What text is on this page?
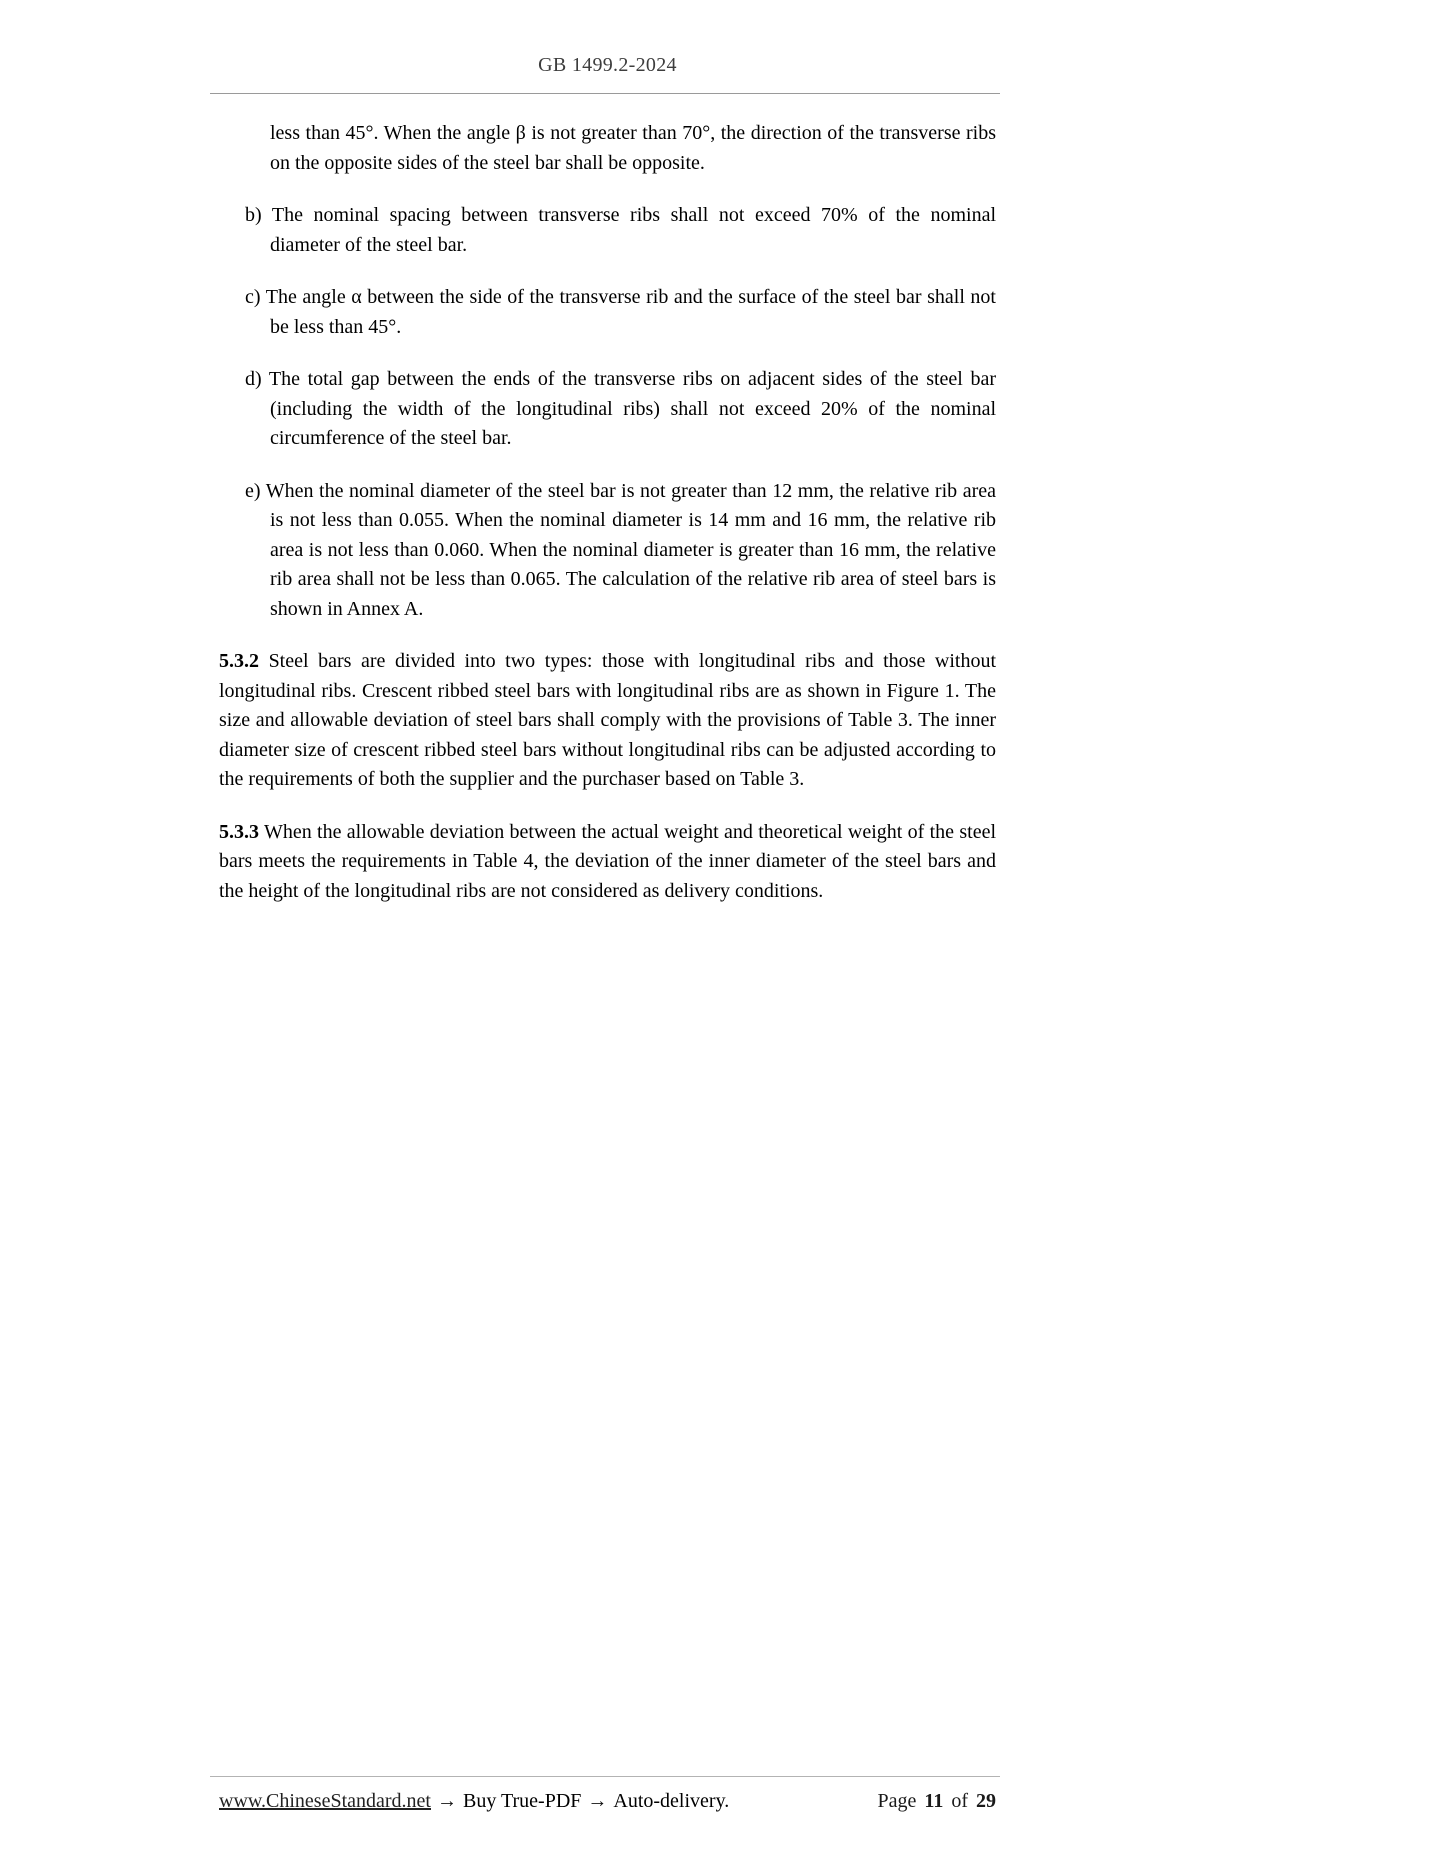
GB 1499.2-2024

less than 45°. When the angle β is not greater than 70°, the direction of the transverse ribs on the opposite sides of the steel bar shall be opposite.

b) The nominal spacing between transverse ribs shall not exceed 70% of the nominal diameter of the steel bar.

c) The angle α between the side of the transverse rib and the surface of the steel bar shall not be less than 45°.

d) The total gap between the ends of the transverse ribs on adjacent sides of the steel bar (including the width of the longitudinal ribs) shall not exceed 20% of the nominal circumference of the steel bar.

e) When the nominal diameter of the steel bar is not greater than 12 mm, the relative rib area is not less than 0.055. When the nominal diameter is 14 mm and 16 mm, the relative rib area is not less than 0.060. When the nominal diameter is greater than 16 mm, the relative rib area shall not be less than 0.065. The calculation of the relative rib area of steel bars is shown in Annex A.

5.3.2 Steel bars are divided into two types: those with longitudinal ribs and those without longitudinal ribs. Crescent ribbed steel bars with longitudinal ribs are as shown in Figure 1. The size and allowable deviation of steel bars shall comply with the provisions of Table 3. The inner diameter size of crescent ribbed steel bars without longitudinal ribs can be adjusted according to the requirements of both the supplier and the purchaser based on Table 3.

5.3.3 When the allowable deviation between the actual weight and theoretical weight of the steel bars meets the requirements in Table 4, the deviation of the inner diameter of the steel bars and the height of the longitudinal ribs are not considered as delivery conditions.

www.ChineseStandard.net → Buy True-PDF → Auto-delivery.	Page 11 of 29
